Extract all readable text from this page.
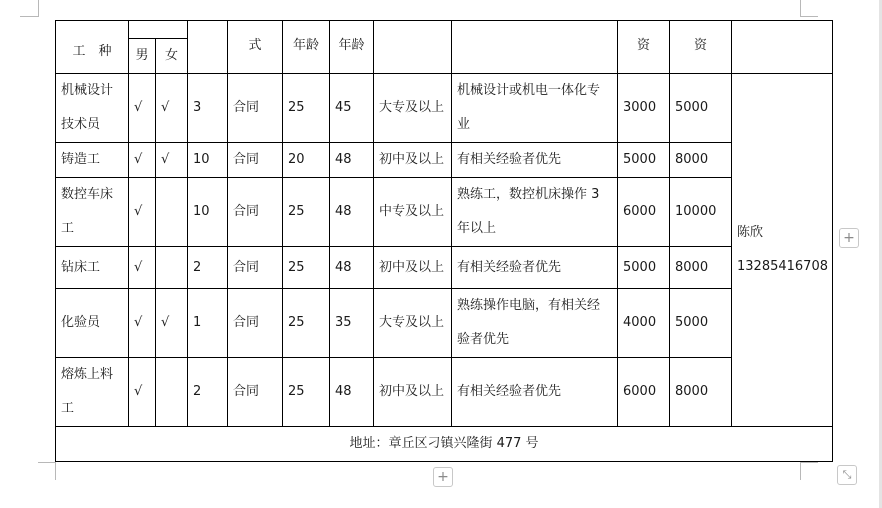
工　种				式	年龄	年龄			资	资	
	男	女									
机械设计技术员	√	√	3	合同	25	45	大专及以上	机械设计或机电一体化专业	3000	5000	陈欣
13285416708

铸造工	√	√	10	合同	20	48	初中及以上	有相关经验者优先	5000	8000	
数控车床工	√		10	合同	25	48	中专及以上	熟练工，数控机床操作 3 年以上	6000	10000	
钻床工	√		2	合同	25	48	初中及以上	有相关经验者优先	5000	8000	
化验员	√	√	1	合同	25	35	大专及以上	熟练操作电脑，有相关经验者优先	4000	5000	
熔炼上料工	√		2	合同	25	48	初中及以上	有相关经验者优先	6000	8000	
地址：章丘区刁镇兴隆街 477 号											
+
+	⤡
